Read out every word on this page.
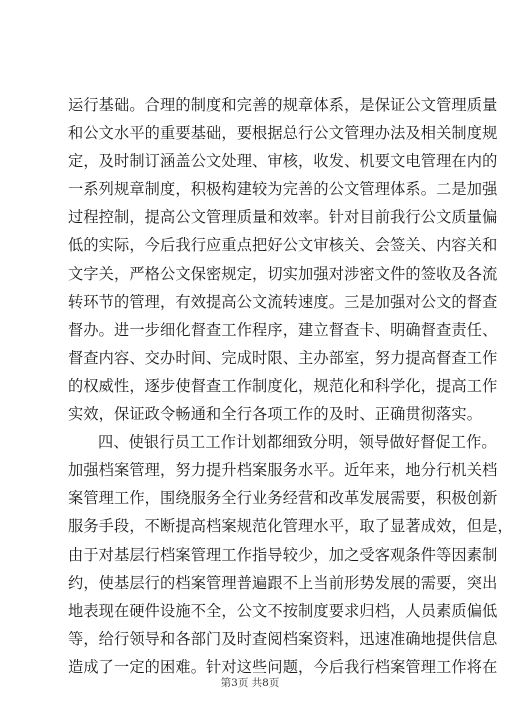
运行基础。合理的制度和完善的规章体系，是保证公文管理质量
和公文水平的重要基础，要根据总行公文管理办法及相关制度规
定，及时制订涵盖公文处理、审核，收发、机要文电管理在内的
一系列规章制度，积极构建较为完善的公文管理体系。二是加强
过程控制，提高公文管理质量和效率。针对目前我行公文质量偏
低的实际，今后我行应重点把好公文审核关、会签关、内容关和
文字关，严格公文保密规定，切实加强对涉密文件的签收及各流
转环节的管理，有效提高公文流转速度。三是加强对公文的督查
督办。进一步细化督查工作程序，建立督查卡、明确督查责任、
督查内容、交办时间、完成时限、主办部室，努力提高督查工作
的权威性，逐步使督查工作制度化，规范化和科学化，提高工作
实效，保证政令畅通和全行各项工作的及时、正确贯彻落实。
四、使银行员工工作计划都细致分明，领导做好督促工作。
加强档案管理，努力提升档案服务水平。近年来，地分行机关档
案管理工作，围绕服务全行业务经营和改革发展需要，积极创新
服务手段，不断提高档案规范化管理水平，取了显著成效，但是，
由于对基层行档案管理工作指导较少，加之受客观条件等因素制
约，使基层行的档案管理普遍跟不上当前形势发展的需要，突出
地表现在硬件设施不全，公文不按制度要求归档，人员素质偏低
等，给行领导和各部门及时查阅档案资料，迅速准确地提供信息
造成了一定的困难。针对这些问题，今后我行档案管理工作将在
第3页 共8页
